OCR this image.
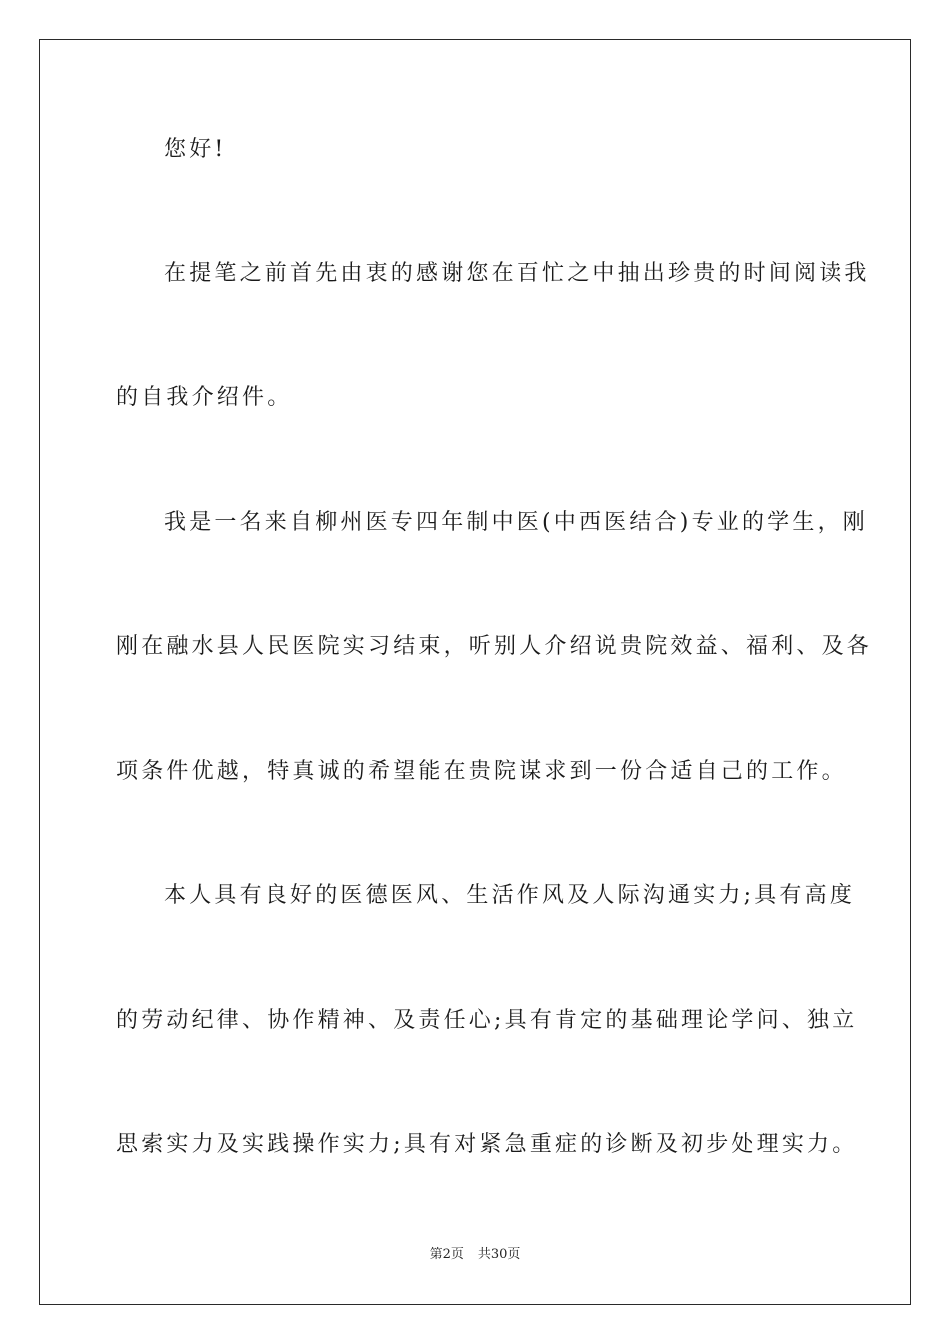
您好!
在提笔之前首先由衷的感谢您在百忙之中抽出珍贵的时间阅读我
的自我介绍件。
我是一名来自柳州医专四年制中医(中西医结合)专业的学生，刚
刚在融水县人民医院实习结束，听别人介绍说贵院效益、福利、及各
项条件优越，特真诚的希望能在贵院谋求到一份合适自己的工作。
本人具有良好的医德医风、生活作风及人际沟通实力;具有高度
的劳动纪律、协作精神、及责任心;具有肯定的基础理论学问、独立
思索实力及实践操作实力;具有对紧急重症的诊断及初步处理实力。
第2页 共30页
